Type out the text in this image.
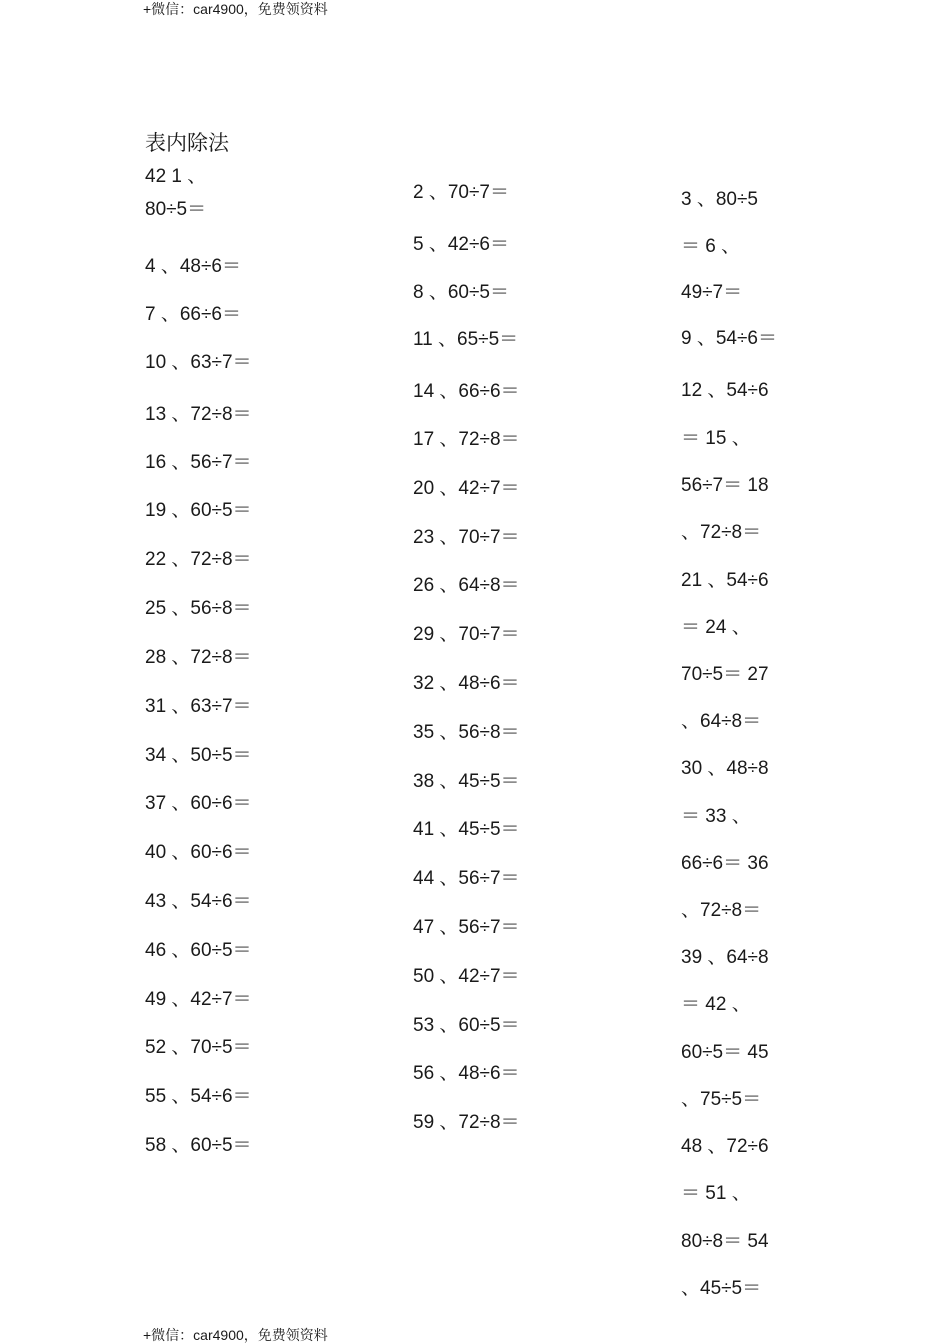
+微信：car4900，免费领资料
表内除法
42 1 、
80÷5＝
4 、48÷6＝
7 、66÷6＝
10 、63÷7＝
13 、72÷8＝
16 、56÷7＝
19 、60÷5＝
22 、72÷8＝
25 、56÷8＝
28 、72÷8＝
31 、63÷7＝
34 、50÷5＝
37 、60÷6＝
40 、60÷6＝
43 、54÷6＝
46 、60÷5＝
49 、42÷7＝
52 、70÷5＝
55 、54÷6＝
58 、60÷5＝
2 、70÷7＝
5 、42÷6＝
8 、60÷5＝
11 、65÷5＝
14 、66÷6＝
17 、72÷8＝
20 、42÷7＝
23 、70÷7＝
26 、64÷8＝
29 、70÷7＝
32 、48÷6＝
35 、56÷8＝
38 、45÷5＝
41 、45÷5＝
44 、56÷7＝
47 、56÷7＝
50 、42÷7＝
53 、60÷5＝
56 、48÷6＝
59 、72÷8＝
3 、80÷5
＝ 6 、
49÷7＝
9 、54÷6＝
12 、54÷6
＝ 15 、
56÷7＝ 18
、72÷8＝
21 、54÷6
＝ 24 、
70÷5＝ 27
、64÷8＝
30 、48÷8
＝ 33 、
66÷6＝ 36
、72÷8＝
39 、64÷8
＝ 42 、
60÷5＝ 45
、75÷5＝
48 、72÷6
＝ 51 、
80÷8＝ 54
、45÷5＝
+微信：car4900，免费领资料
